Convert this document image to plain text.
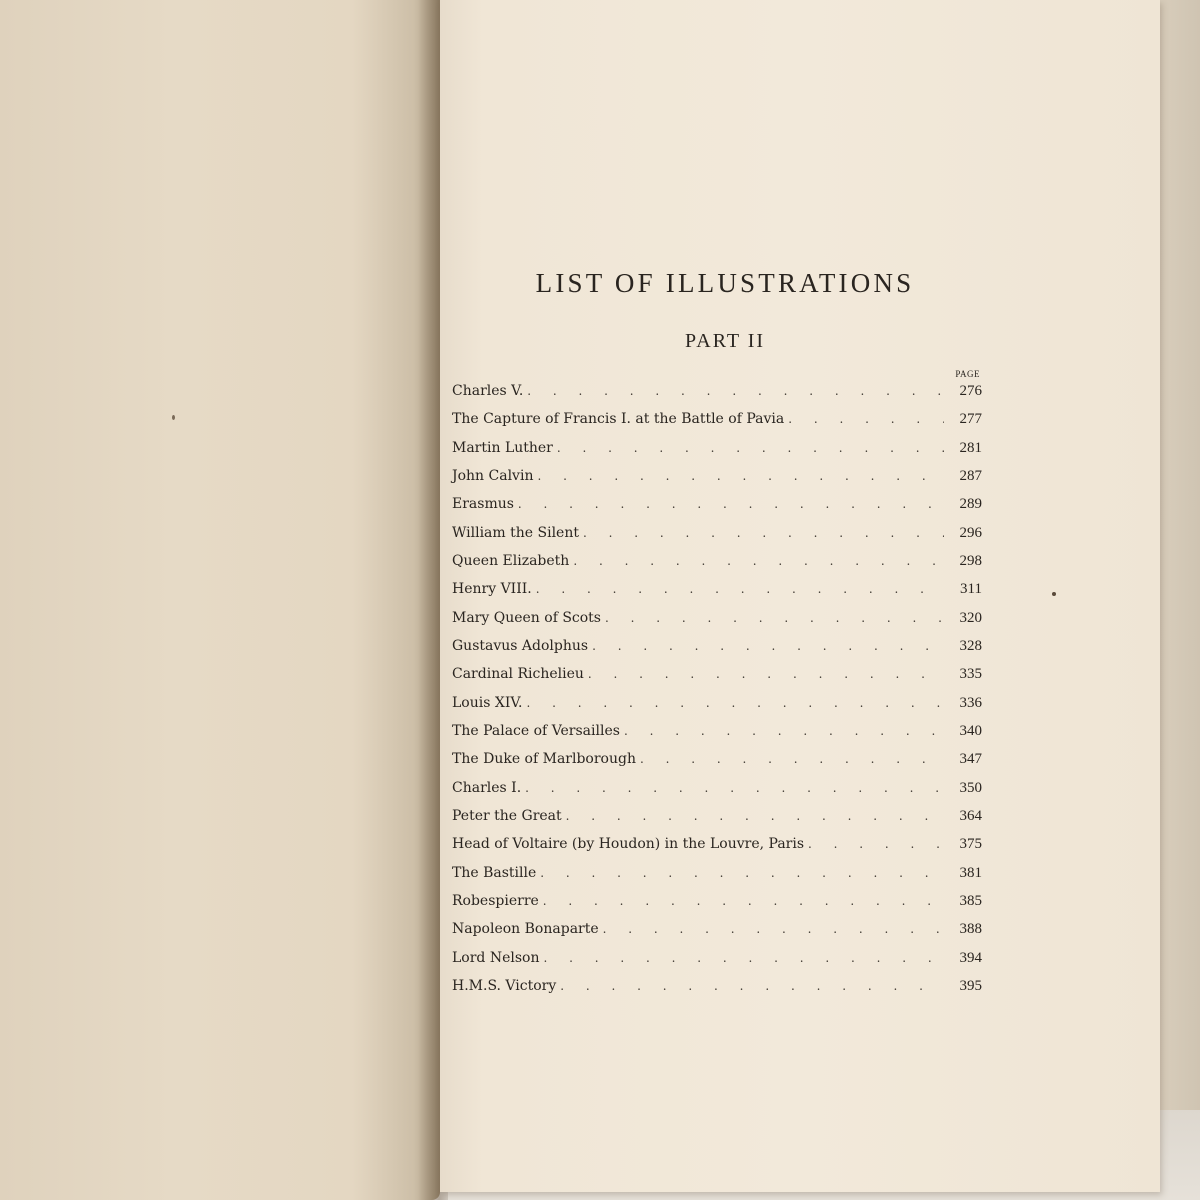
LIST OF ILLUSTRATIONS
PART II
PAGE
Charles V. . . .	276
The Capture of Francis I. at the Battle of Pavia . . .	277
Martin Luther . . .	281
John Calvin . . .	287
Erasmus . . .	289
William the Silent . . .	296
Queen Elizabeth . . .	298
Henry VIII. . . .	311
Mary Queen of Scots . . .	320
Gustavus Adolphus . . .	328
Cardinal Richelieu . . .	335
Louis XIV. . . .	336
The Palace of Versailles . . .	340
The Duke of Marlborough . . .	347
Charles I. . . .	350
Peter the Great . . .	364
Head of Voltaire (by Houdon) in the Louvre, Paris . . .	375
The Bastille . . .	381
Robespierre . . .	385
Napoleon Bonaparte . . .	388
Lord Nelson . . .	394
H.M.S. Victory . . .	395
